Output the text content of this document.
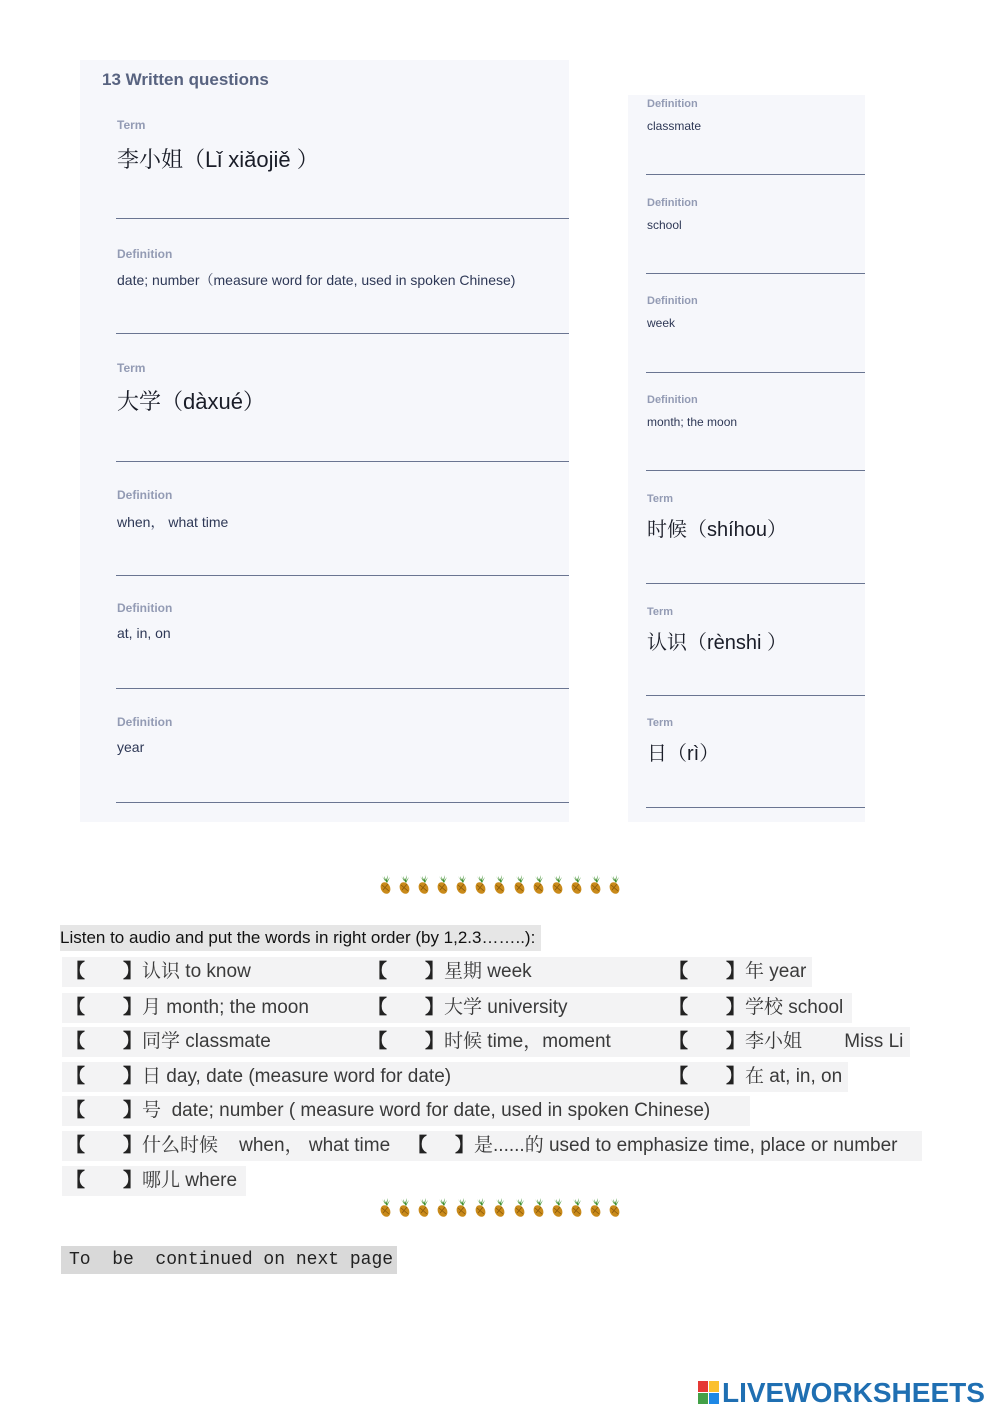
13 Written questions
Term
李小姐（Lǐ xiǎojiě ）
Definition
date; number（measure word for date, used in spoken Chinese)
Term
大学（dàxué）
Definition
when， what time
Definition
at, in, on
Definition
year
Definition
classmate
Definition
school
Definition
week
Definition
month; the moon
Term
时候（shíhou）
Term
认识（rènshi ）
Term
日（rì）
Listen to audio and put the words in right order (by 1,2.3……..):
【 】认识 to know	【 】星期 week	【 】年 year
【 】月 month; the moon	【 】大学 university	【 】学校 school
【 】同学 classmate	【 】时候 time，moment	【 】李小姐        Miss Li
【 】日 day, date (measure word for date)	【 】在 at, in, on
【 】号  date; number ( measure word for date, used in spoken Chinese)
【 】什么时候    when， what time 【 】是......的 used to emphasize time, place or number
【 】哪儿 where
To  be  continued on next page
LIVEWORKSHEETS
